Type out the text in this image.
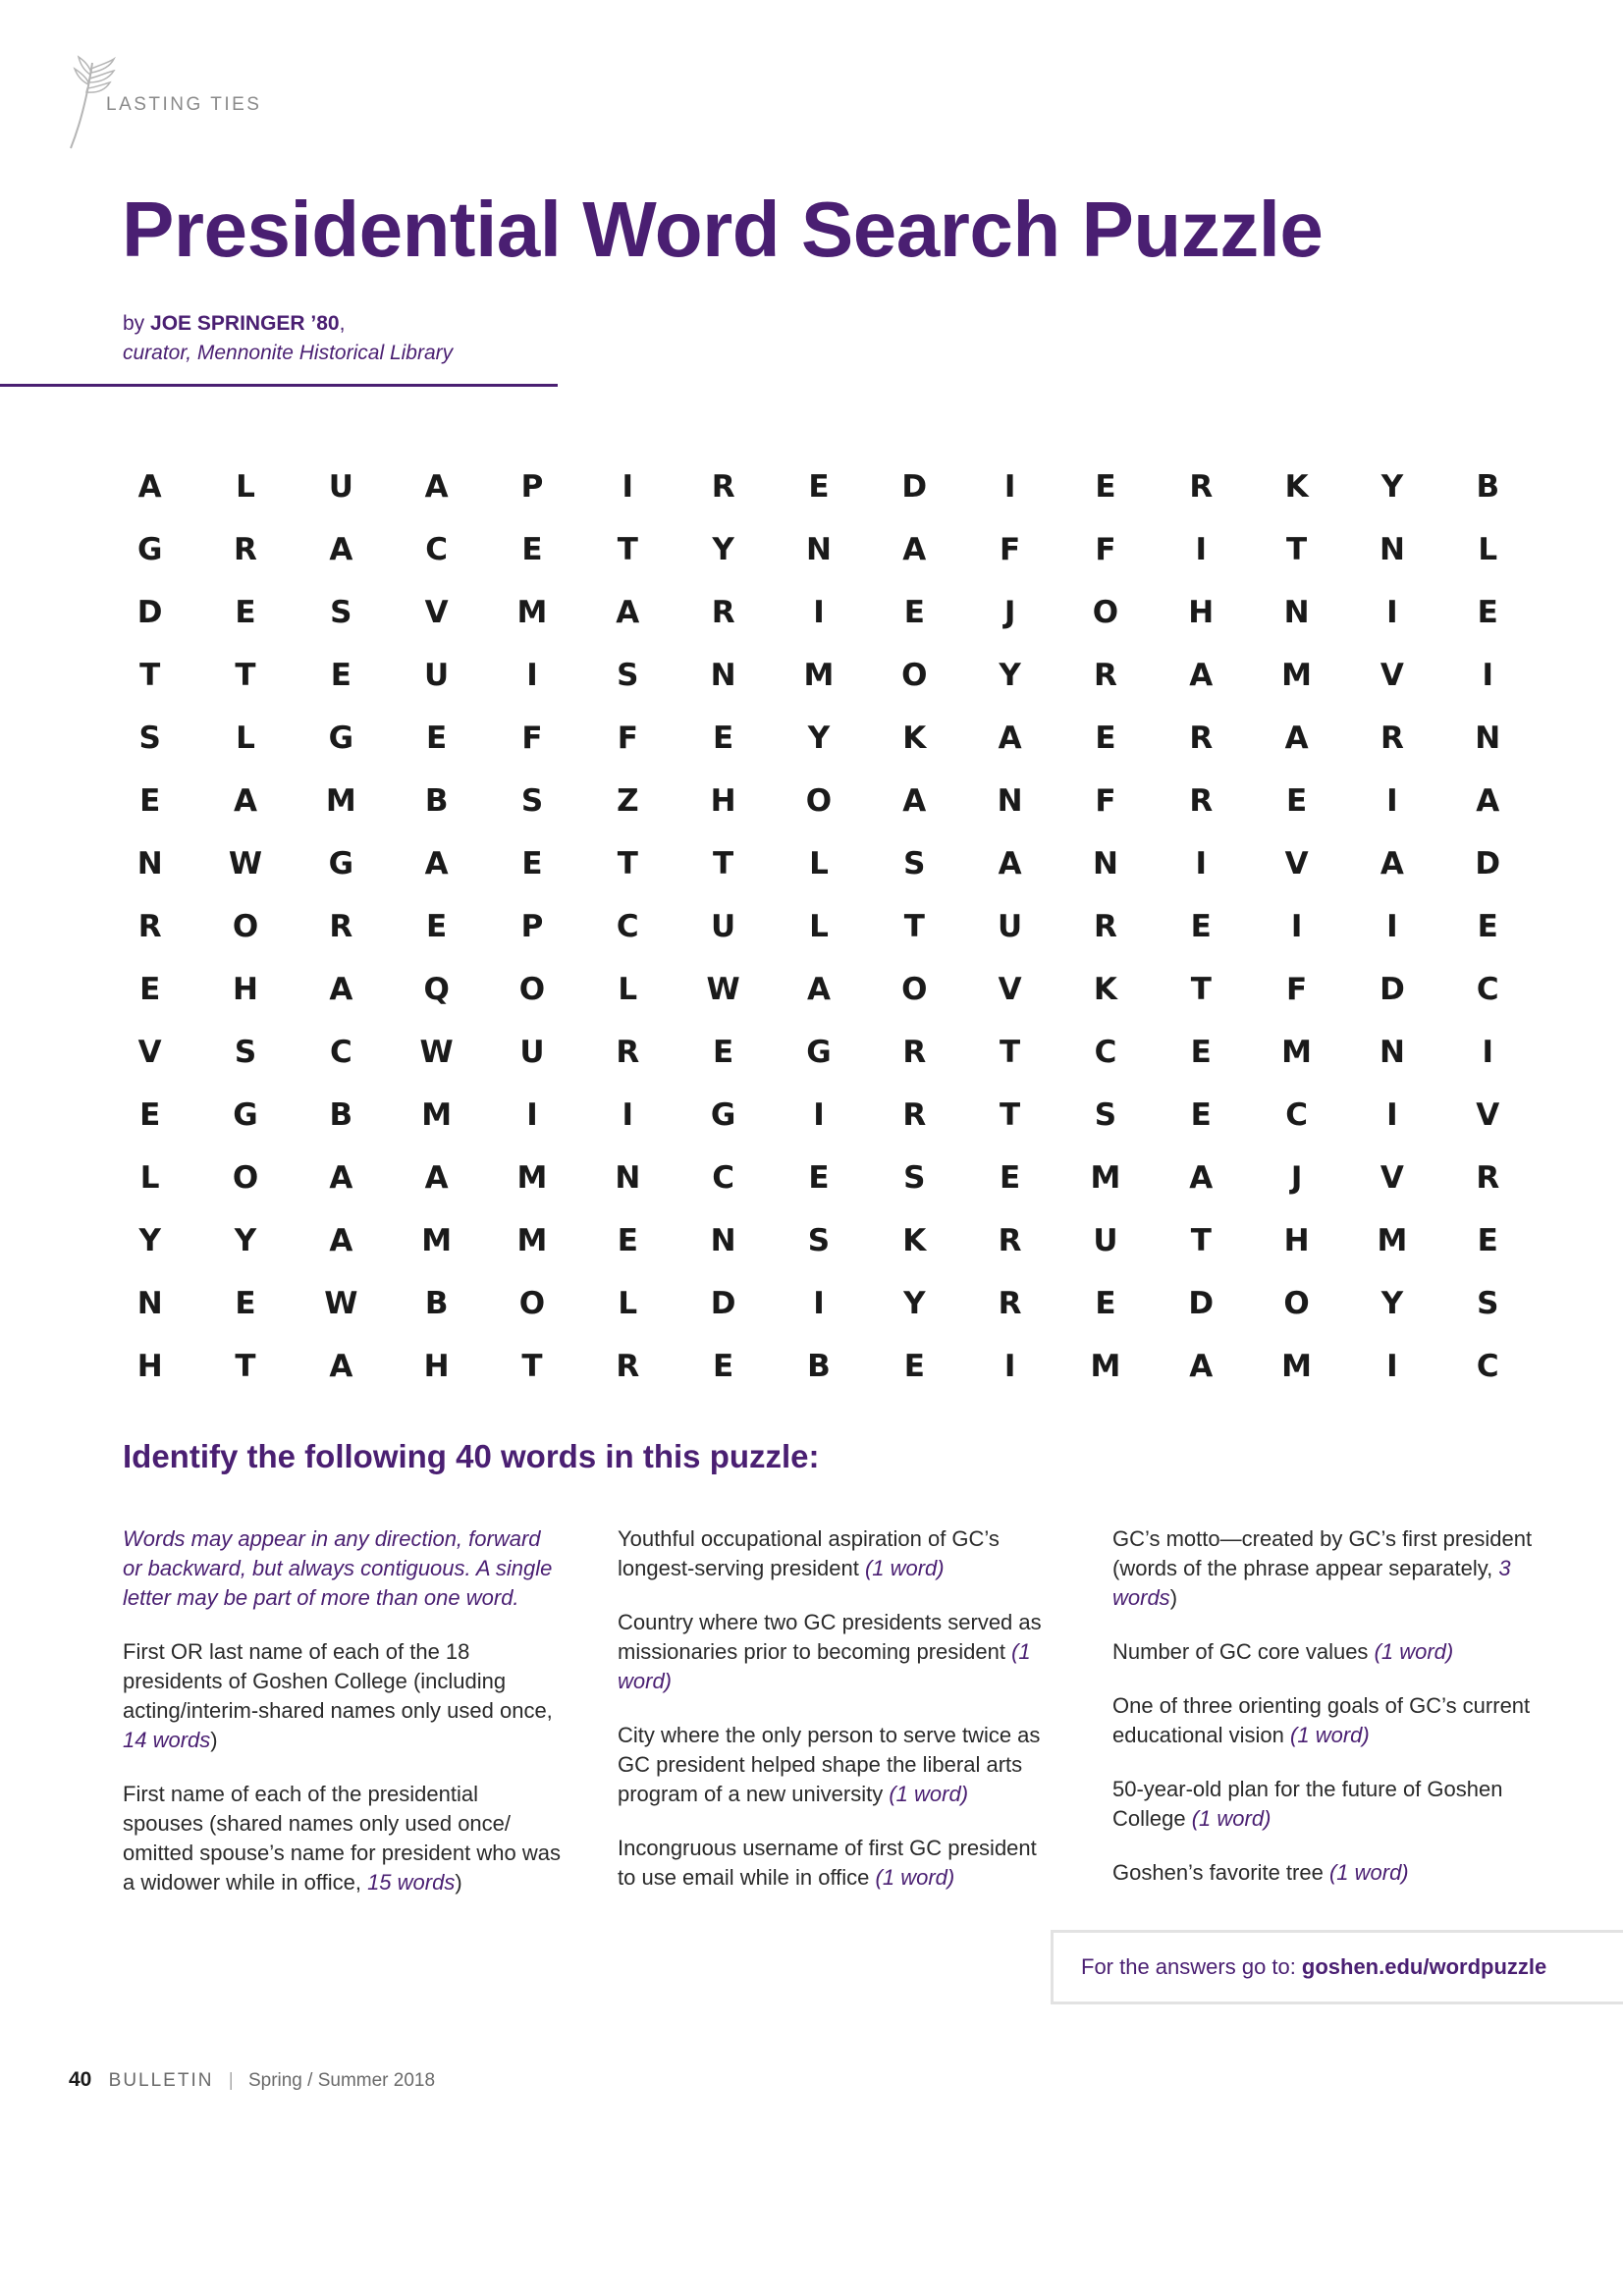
LASTING TIES
Presidential Word Search Puzzle
by JOE SPRINGER ’80,
curator, Mennonite Historical Library
A	L	U	A	P	I	R	E	D	I	E	R	K	Y	B
G	R	A	C	E	T	Y	N	A	F	F	I	T	N	L
D	E	S	V	M	A	R	I	E	J	O	H	N	I	E
T	T	E	U	I	S	N	M	O	Y	R	A	M	V	I
S	L	G	E	F	F	E	Y	K	A	E	R	A	R	N
E	A	M	B	S	Z	H	O	A	N	F	R	E	I	A
N	W	G	A	E	T	T	L	S	A	N	I	V	A	D
R	O	R	E	P	C	U	L	T	U	R	E	I	I	E
E	H	A	Q	O	L	W	A	O	V	K	T	F	D	C
V	S	C	W	U	R	E	G	R	T	C	E	M	N	I
E	G	B	M	I	I	G	I	R	T	S	E	C	I	V
L	O	A	A	M	N	C	E	S	E	M	A	J	V	R
Y	Y	A	M	M	E	N	S	K	R	U	T	H	M	E
N	E	W	B	O	L	D	I	Y	R	E	D	O	Y	S
H	T	A	H	T	R	E	B	E	I	M	A	M	I	C
Identify the following 40 words in this puzzle:

Words may appear in any direction, forward or backward, but always contiguous. A single letter may be part of more than one word.

First OR last name of each of the 18 presidents of Goshen College (including acting/interim-shared names only used once, 14 words)

First name of each of the presidential spouses (shared names only used once/ omitted spouse’s name for president who was a widower while in office, 15 words)

Youthful occupational aspiration of GC’s longest-serving president (1 word)

Country where two GC presidents served as missionaries prior to becoming president (1 word)

City where the only person to serve twice as GC president helped shape the liberal arts program of a new university (1 word)

Incongruous username of first GC president to use email while in office (1 word)

GC’s motto—created by GC’s first president (words of the phrase appear separately, 3 words)

Number of GC core values (1 word)

One of three orienting goals of GC’s current educational vision (1 word)

50-year-old plan for the future of Goshen College (1 word)

Goshen’s favorite tree (1 word)

For the answers go to: goshen.edu/wordpuzzle
40 BULLETIN | Spring / Summer 2018
